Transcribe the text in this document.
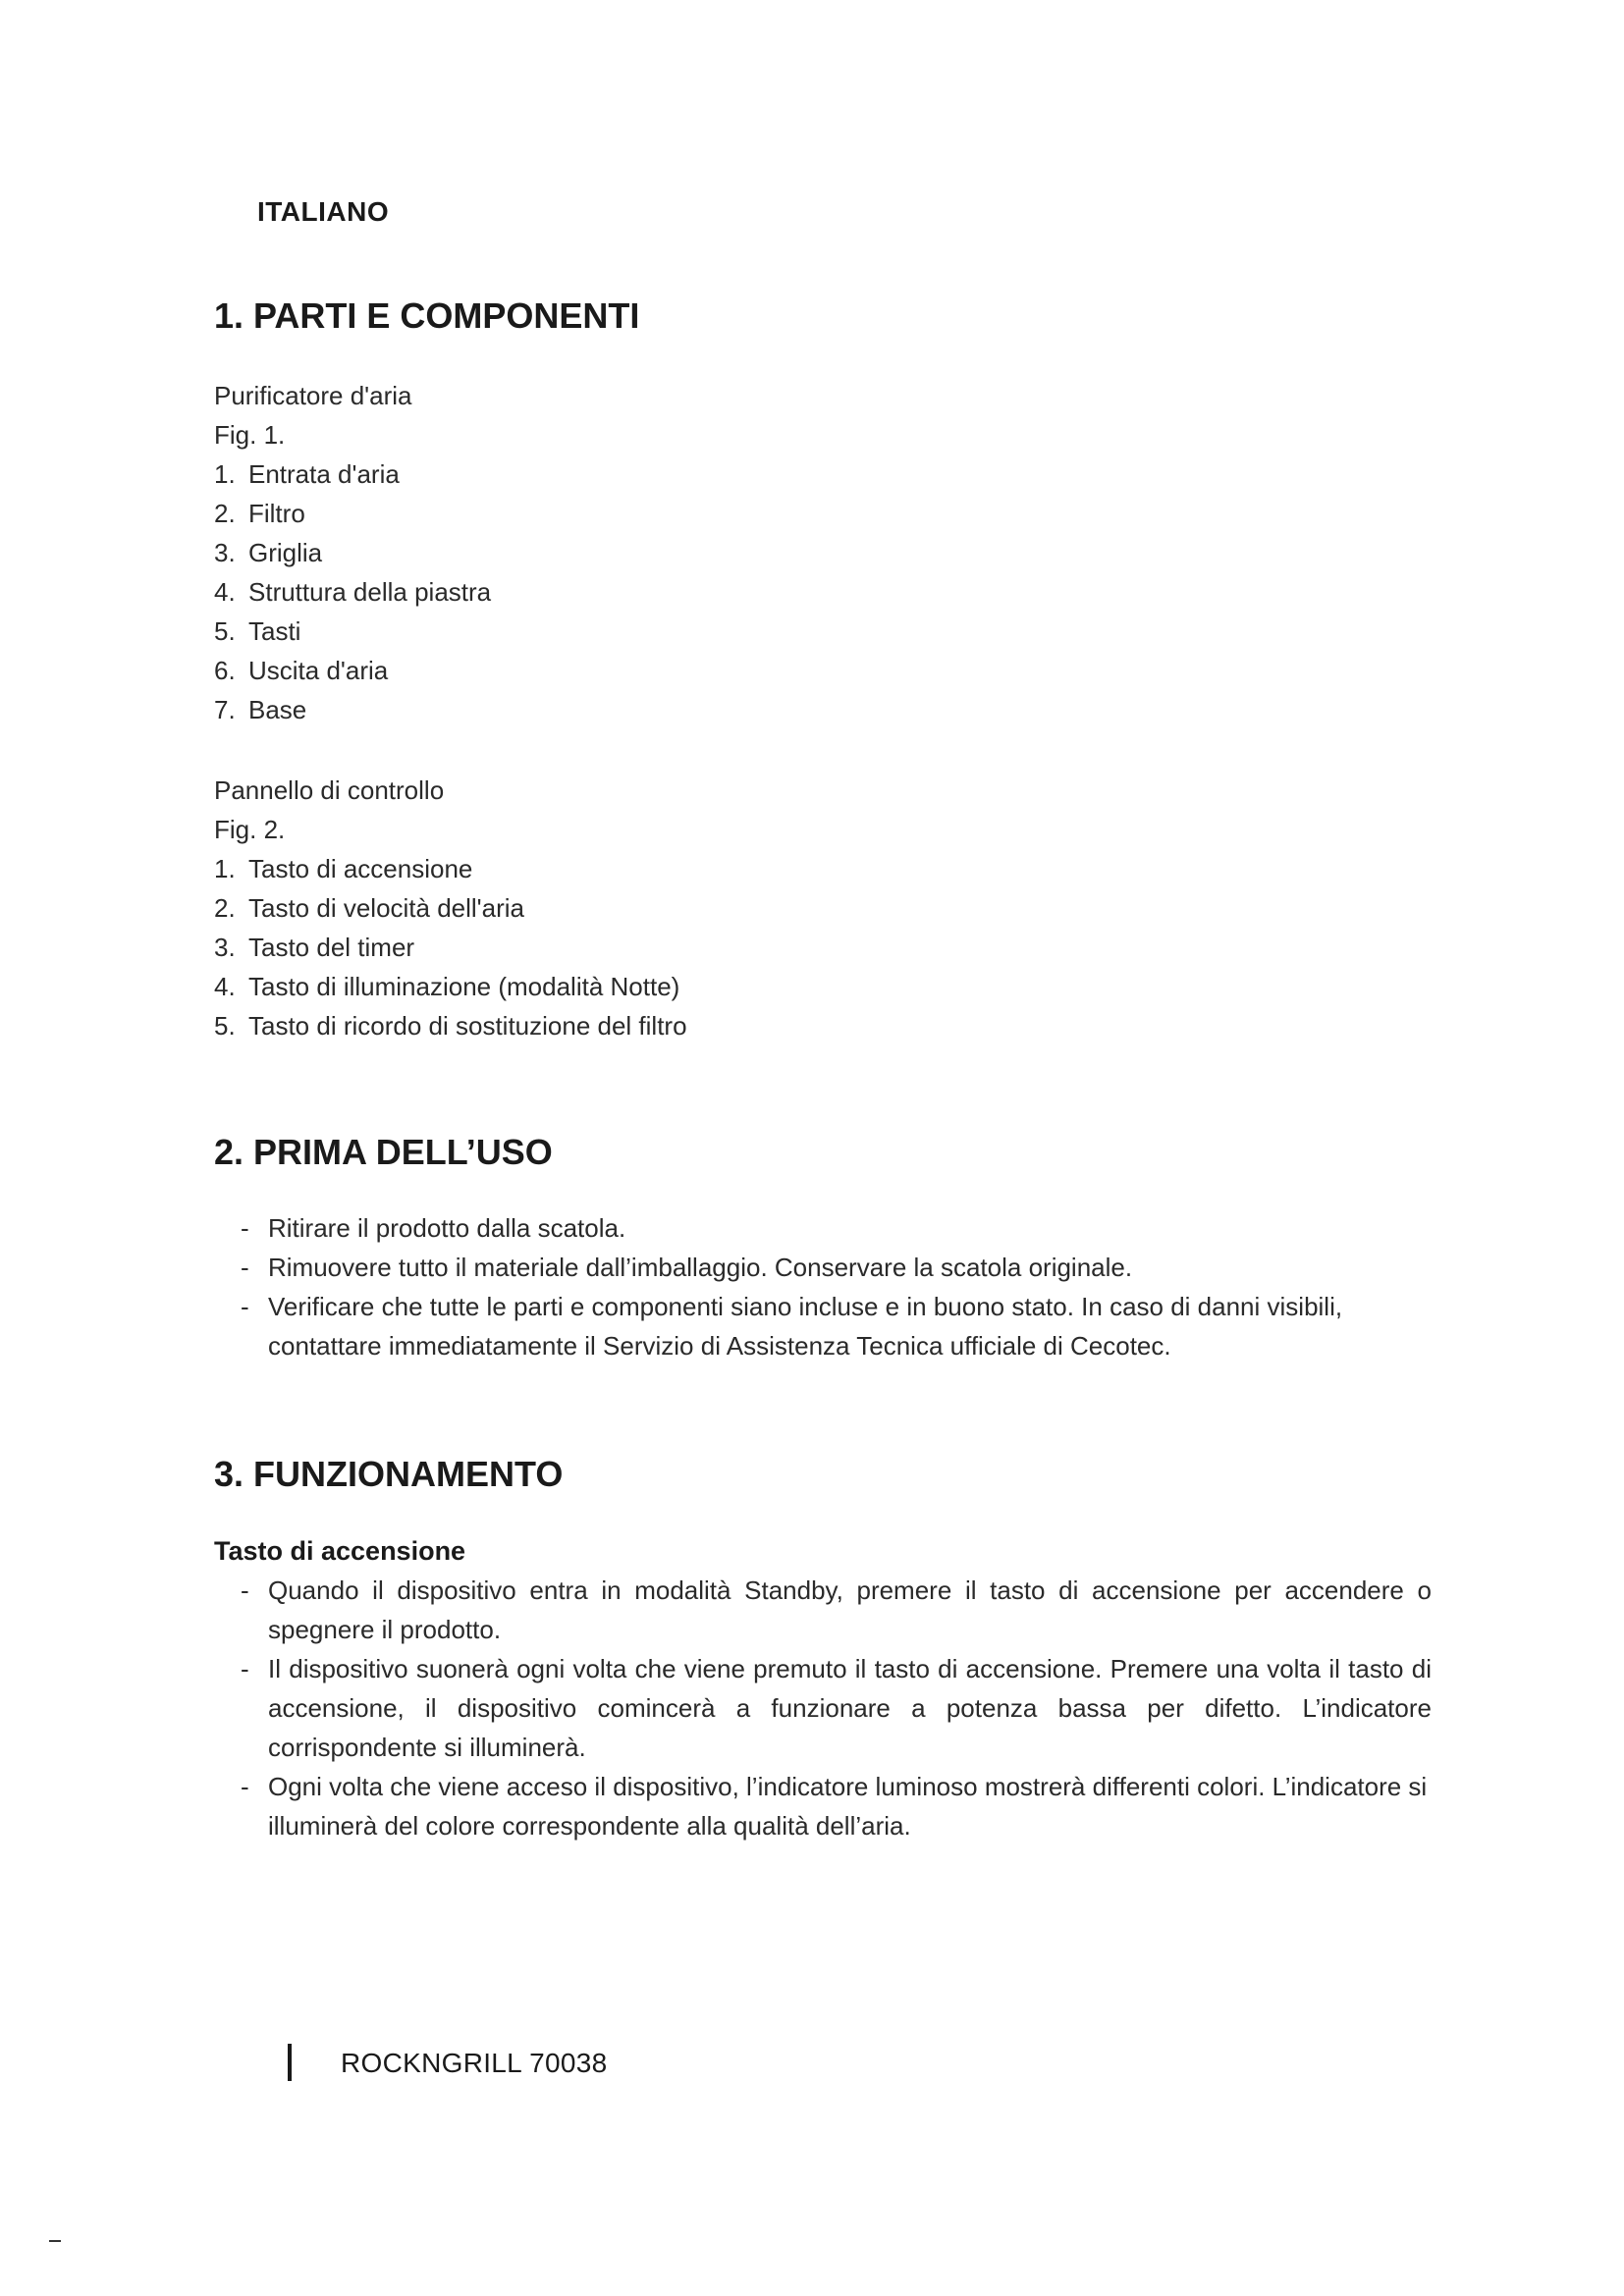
ITALIANO
1. PARTI E COMPONENTI
Purificatore d'aria
Fig. 1.
1. Entrata d'aria
2. Filtro
3. Griglia
4. Struttura della piastra
5. Tasti
6. Uscita d'aria
7. Base
Pannello di controllo
Fig. 2.
1. Tasto di accensione
2. Tasto di velocità dell'aria
3. Tasto del timer
4. Tasto di illuminazione (modalità Notte)
5. Tasto di ricordo di sostituzione del filtro
2. PRIMA DELL’USO
- Ritirare il prodotto dalla scatola.
- Rimuovere tutto il materiale dall’imballaggio. Conservare la scatola originale.
- Verificare che tutte le parti e componenti siano incluse e in buono stato. In caso di danni visibili, contattare immediatamente il Servizio di Assistenza Tecnica ufficiale di Cecotec.
3. FUNZIONAMENTO
Tasto di accensione
- Quando il dispositivo entra in modalità Standby, premere il tasto di accensione per accendere o spegnere il prodotto.
- Il dispositivo suonerà ogni volta che viene premuto il tasto di accensione. Premere una volta il tasto di accensione, il dispositivo comincerà a funzionare a potenza bassa per difetto. L’indicatore corrispondente si illuminerà.
- Ogni volta che viene acceso il dispositivo, l’indicatore luminoso mostrerà differenti colori. L’indicatore si illuminerà del colore correspondente alla qualità dell’aria.
ROCKNGRILL 70038
